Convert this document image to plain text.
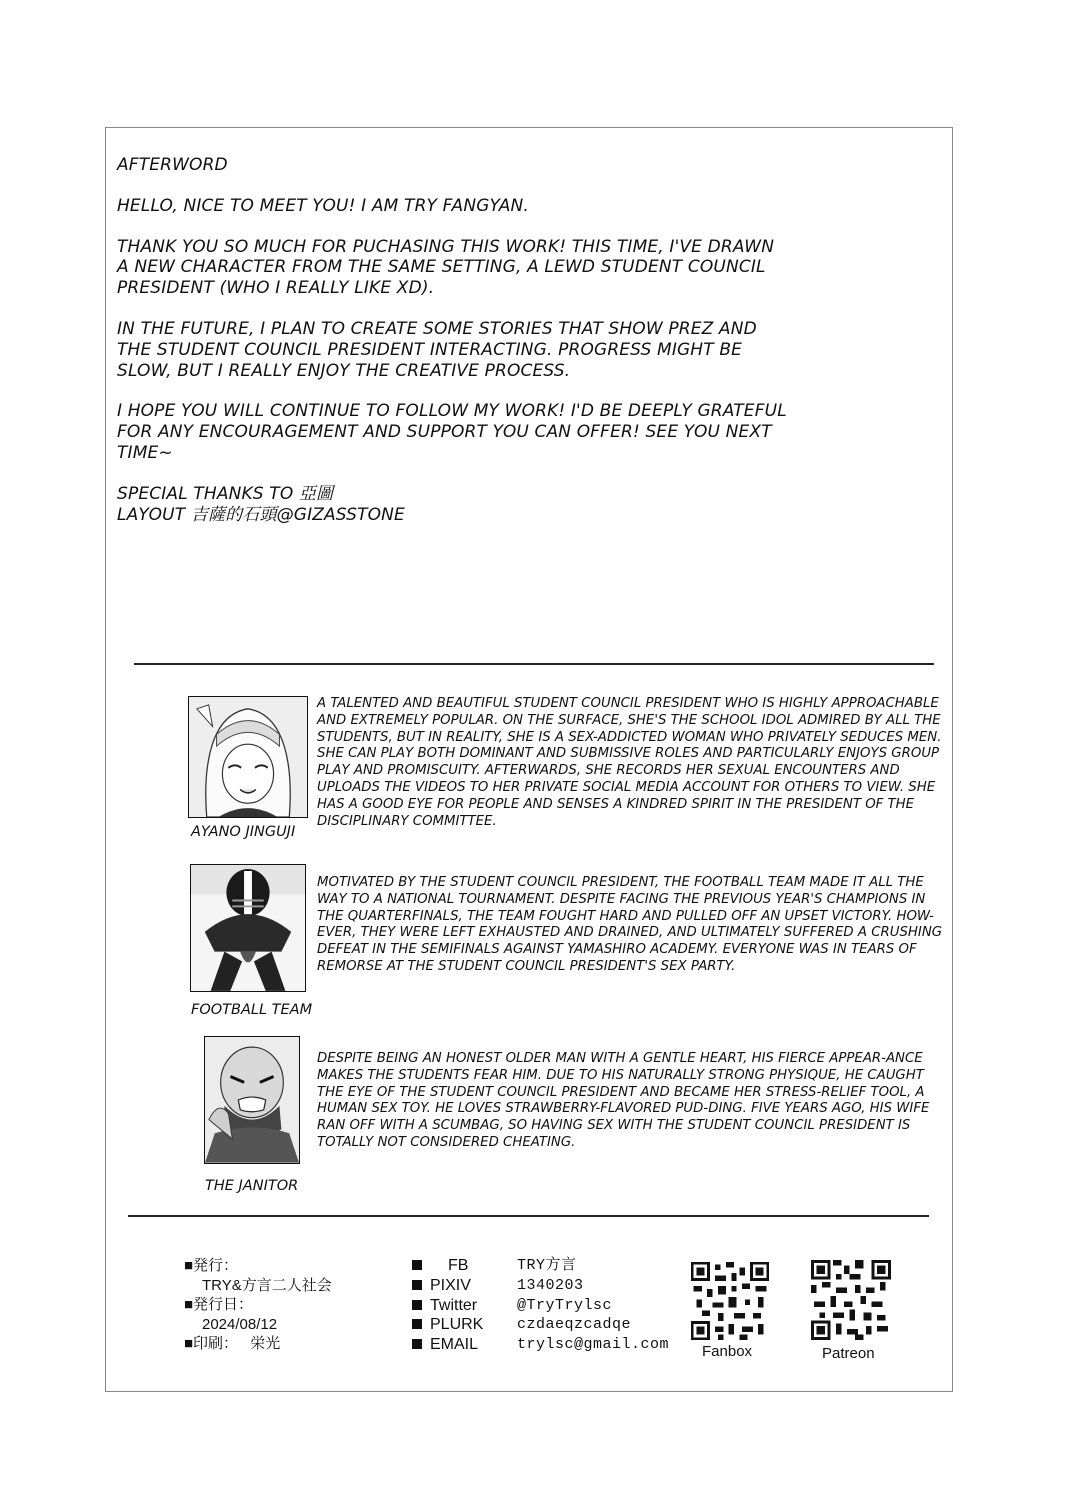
AFTERWORD

HELLO, NICE TO MEET YOU! I AM TRY FANGYAN.

THANK YOU SO MUCH FOR PUCHASING THIS WORK! THIS TIME, I'VE DRAWN
A NEW CHARACTER FROM THE SAME SETTING, A LEWD STUDENT COUNCIL
PRESIDENT (WHO I REALLY LIKE XD).

IN THE FUTURE, I PLAN TO CREATE SOME STORIES THAT SHOW PREZ AND
THE STUDENT COUNCIL PRESIDENT INTERACTING. PROGRESS MIGHT BE
SLOW, BUT I REALLY ENJOY THE CREATIVE PROCESS.

I HOPE YOU WILL CONTINUE TO FOLLOW MY WORK! I'D BE DEEPLY GRATEFUL
FOR ANY ENCOURAGEMENT AND SUPPORT YOU CAN OFFER! SEE YOU NEXT
TIME~

SPECIAL THANKS TO 亞圖

LAYOUT 吉薩的石頭@GIZASSTONE

AYANO JINGUJI
A TALENTED AND BEAUTIFUL STUDENT COUNCIL PRESIDENT WHO IS HIGHLY APPROACHABLE AND EXTREMELY POPULAR. ON THE SURFACE, SHE'S THE SCHOOL IDOL ADMIRED BY ALL THE STUDENTS, BUT IN REALITY, SHE IS A SEX-ADDICTED WOMAN WHO PRIVATELY SEDUCES MEN. SHE CAN PLAY BOTH DOMINANT AND SUBMISSIVE ROLES AND PARTICULARLY ENJOYS GROUP PLAY AND PROMISCUITY. AFTERWARDS, SHE RECORDS HER SEXUAL ENCOUNTERS AND UPLOADS THE VIDEOS TO HER PRIVATE SOCIAL MEDIA ACCOUNT FOR OTHERS TO VIEW. SHE HAS A GOOD EYE FOR PEOPLE AND SENSES A KINDRED SPIRIT IN THE PRESIDENT OF THE DISCIPLINARY COMMITTEE.
FOOTBALL TEAM
MOTIVATED BY THE STUDENT COUNCIL PRESIDENT, THE FOOTBALL TEAM MADE IT ALL THE WAY TO A NATIONAL TOURNAMENT. DESPITE FACING THE PREVIOUS YEAR'S CHAMPIONS IN THE QUARTERFINALS, THE TEAM FOUGHT HARD AND PULLED OFF AN UPSET VICTORY. HOW-EVER, THEY WERE LEFT EXHAUSTED AND DRAINED, AND ULTIMATELY SUFFERED A CRUSHING DEFEAT IN THE SEMIFINALS AGAINST YAMASHIRO ACADEMY. EVERYONE WAS IN TEARS OF REMORSE AT THE STUDENT COUNCIL PRESIDENT'S SEX PARTY.
THE JANITOR
DESPITE BEING AN HONEST OLDER MAN WITH A GENTLE HEART, HIS FIERCE APPEAR-ANCE MAKES THE STUDENTS FEAR HIM. DUE TO HIS NATURALLY STRONG PHYSIQUE, HE CAUGHT THE EYE OF THE STUDENT COUNCIL PRESIDENT AND BECAME HER STRESS-RELIEF TOOL, A HUMAN SEX TOY. HE LOVES STRAWBERRY-FLAVORED PUD-DING. FIVE YEARS AGO, HIS WIFE RAN OFF WITH A SCUMBAG, SO HAVING SEX WITH THE STUDENT COUNCIL PRESIDENT IS TOTALLY NOT CONSIDERED CHEATING.
■発行：
TRY&方言二人社会
■発行日：
2024/08/12
■印刷： 栄光
FB
PIXIV
Twitter
PLURK
EMAIL
TRY方言
1340203
@TryTrylsc
czdaeqzcadqe
trylsc@gmail.com Fanbox	Patreon
